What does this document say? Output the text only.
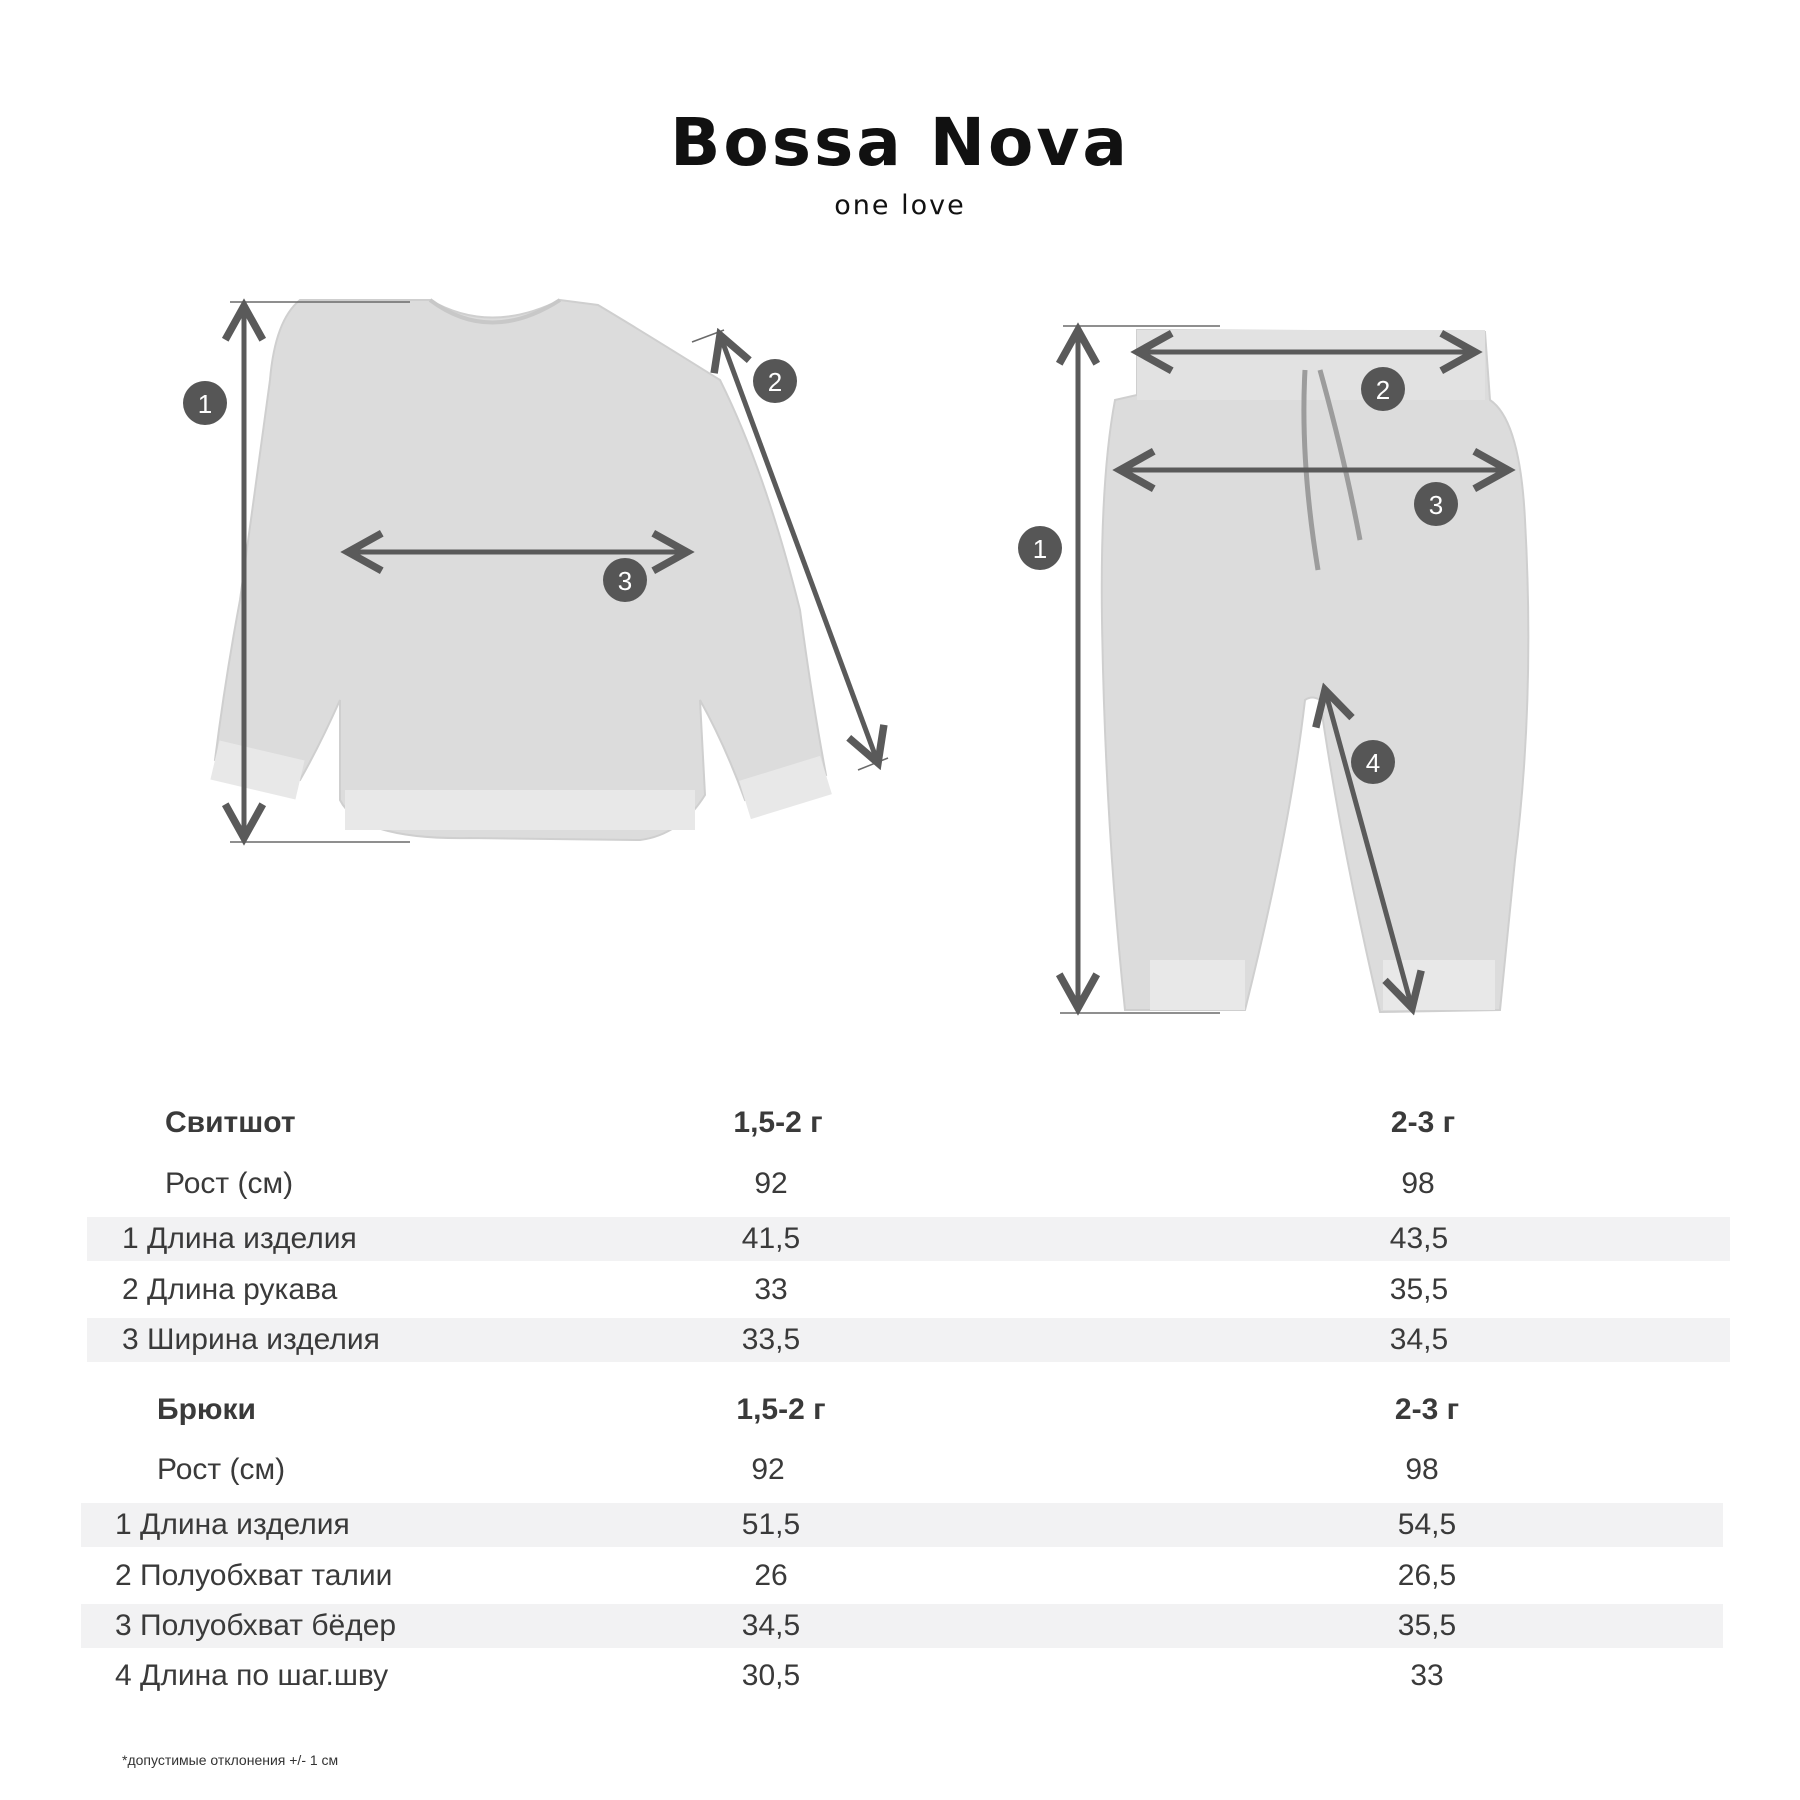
Bossa Nova
one love
1
2
3
1
2
3
4
Свитшот	1,5-2 г	2-3 г
Рост (см)	92	98
1 Длина изделия	41,5	43,5
2 Длина рукава	33	35,5
3 Ширина изделия	33,5	34,5
Брюки	1,5-2 г	2-3 г
Рост (см)	92	98
1 Длина изделия	51,5	54,5
2 Полуобхват талии	26	26,5
3 Полуобхват бёдер	34,5	35,5
4 Длина по шаг.шву	30,5	33
*допустимые отклонения +/- 1 см
